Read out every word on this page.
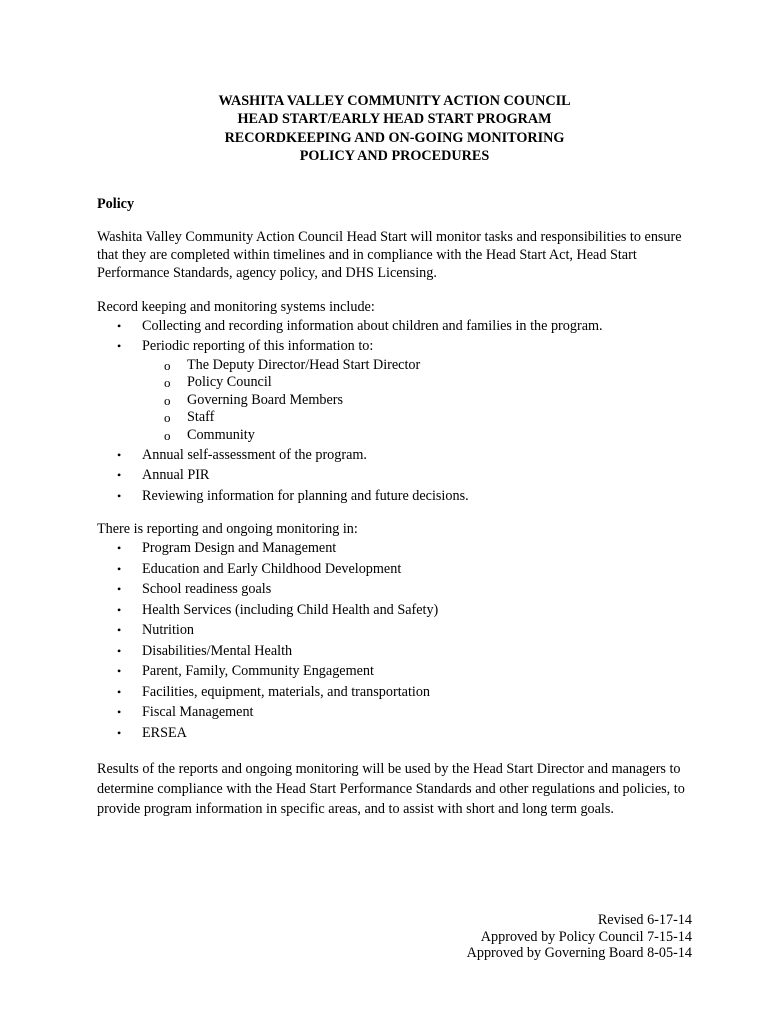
WASHITA VALLEY COMMUNITY ACTION COUNCIL
HEAD START/EARLY HEAD START PROGRAM
RECORDKEEPING AND ON-GOING MONITORING
POLICY AND PROCEDURES

Policy

Washita Valley Community Action Council Head Start will monitor tasks and responsibilities to ensure that they are completed within timelines and in compliance with the Head Start Act, Head Start Performance Standards, agency policy, and DHS Licensing.

Record keeping and monitoring systems include:

•	Collecting and recording information about children and families in the program.
•	Periodic reporting of this information to:
o The Deputy Director/Head Start Director
o Policy Council
o Governing Board Members
o Staff
o Community
•	Annual self-assessment of the program.
•	Annual PIR
•	Reviewing information for planning and future decisions.

There is reporting and ongoing monitoring in:

•	Program Design and Management
•	Education and Early Childhood Development
•	School readiness goals
•	Health Services (including Child Health and Safety)
•	Nutrition
•	Disabilities/Mental Health
•	Parent, Family, Community Engagement
•	Facilities, equipment, materials, and transportation
•	Fiscal Management
•	ERSEA

Results of the reports and ongoing monitoring will be used by the Head Start Director and managers to determine compliance with the Head Start Performance Standards and other regulations and policies, to provide program information in specific areas, and to assist with short and long term goals.

Revised 6-17-14
Approved by Policy Council 7-15-14
Approved by Governing Board 8-05-14
